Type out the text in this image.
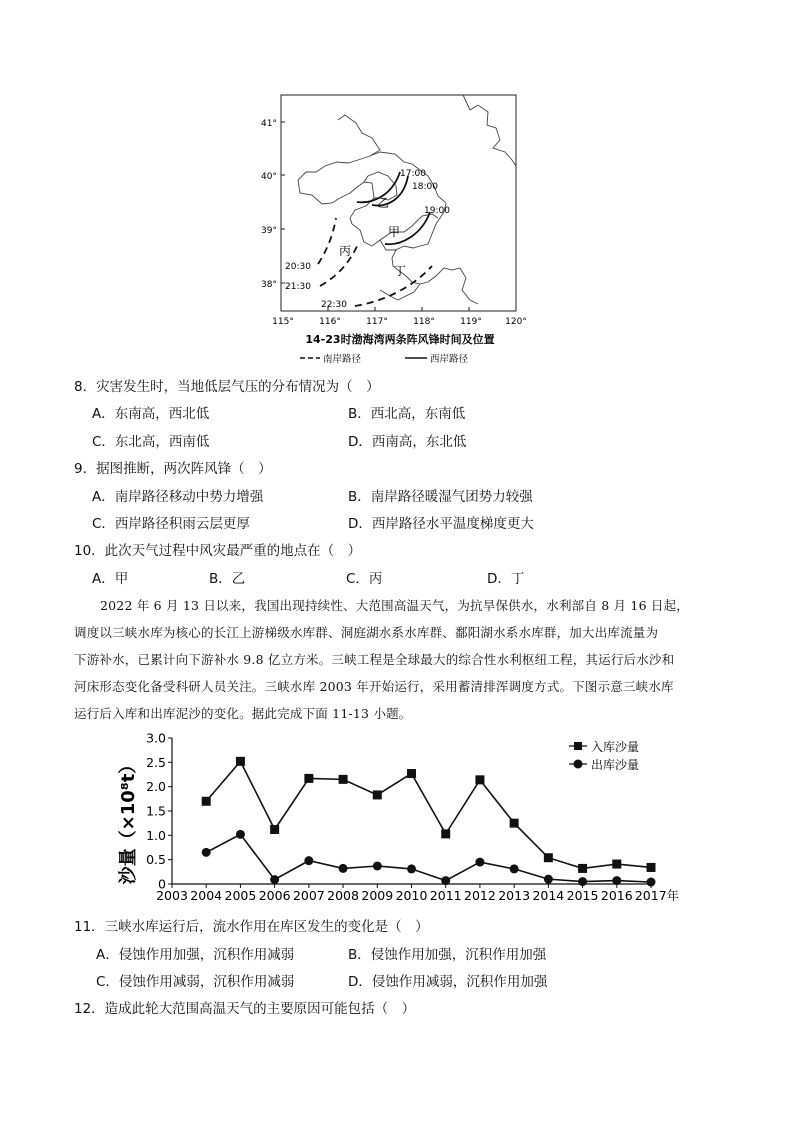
41°
40°
39°
38°
115°	116°	117°	118°	119°	120°
17:00
18:00
19:00
20:30
21:30
22:30
乙
甲
丙
丁
14-23时渤海湾两条阵风锋时间及位置
南岸路径	西岸路径
8．灾害发生时，当地低层气压的分布情况为（　）
A．东南高，西北低	B．西北高，东南低
C．东北高，西南低	D．西南高，东北低
9．据图推断，两次阵风锋（　）
A．南岸路径移动中势力增强	B．南岸路径暖湿气团势力较强
C．西岸路径积雨云层更厚	D．西岸路径水平温度梯度更大
10．此次天气过程中风灾最严重的地点在（　）
A．甲	B．乙	C．丙	D．丁
2022 年 6 月 13 日以来，我国出现持续性、大范围高温天气，为抗旱保供水，水利部自 8 月 16 日起，
调度以三峡水库为核心的长江上游梯级水库群、洞庭湖水系水库群、鄱阳湖水系水库群，加大出库流量为
下游补水，已累计向下游补水 9.8 亿立方米。三峡工程是全球最大的综合性水利枢纽工程，其运行后水沙和
河床形态变化备受科研人员关注。三峡水库 2003 年开始运行，采用蓄清排浑调度方式。下图示意三峡水库
运行后入库和出库泥沙的变化。据此完成下面 11-13 小题。
0
0.5
1.0
1.5
2.0
2.5
3.0
2003 2004 2005 2006 2007 2008 2009 2010 2011 2012 2013 2014 2015 2016 2017年
入库沙量
出库沙量
沙量（×10⁸t）
11．三峡水库运行后，流水作用在库区发生的变化是（　）
A．侵蚀作用加强，沉积作用减弱	B．侵蚀作用加强，沉积作用加强
C．侵蚀作用减弱，沉积作用减弱	D．侵蚀作用减弱，沉积作用加强
12．造成此轮大范围高温天气的主要原因可能包括（　）
